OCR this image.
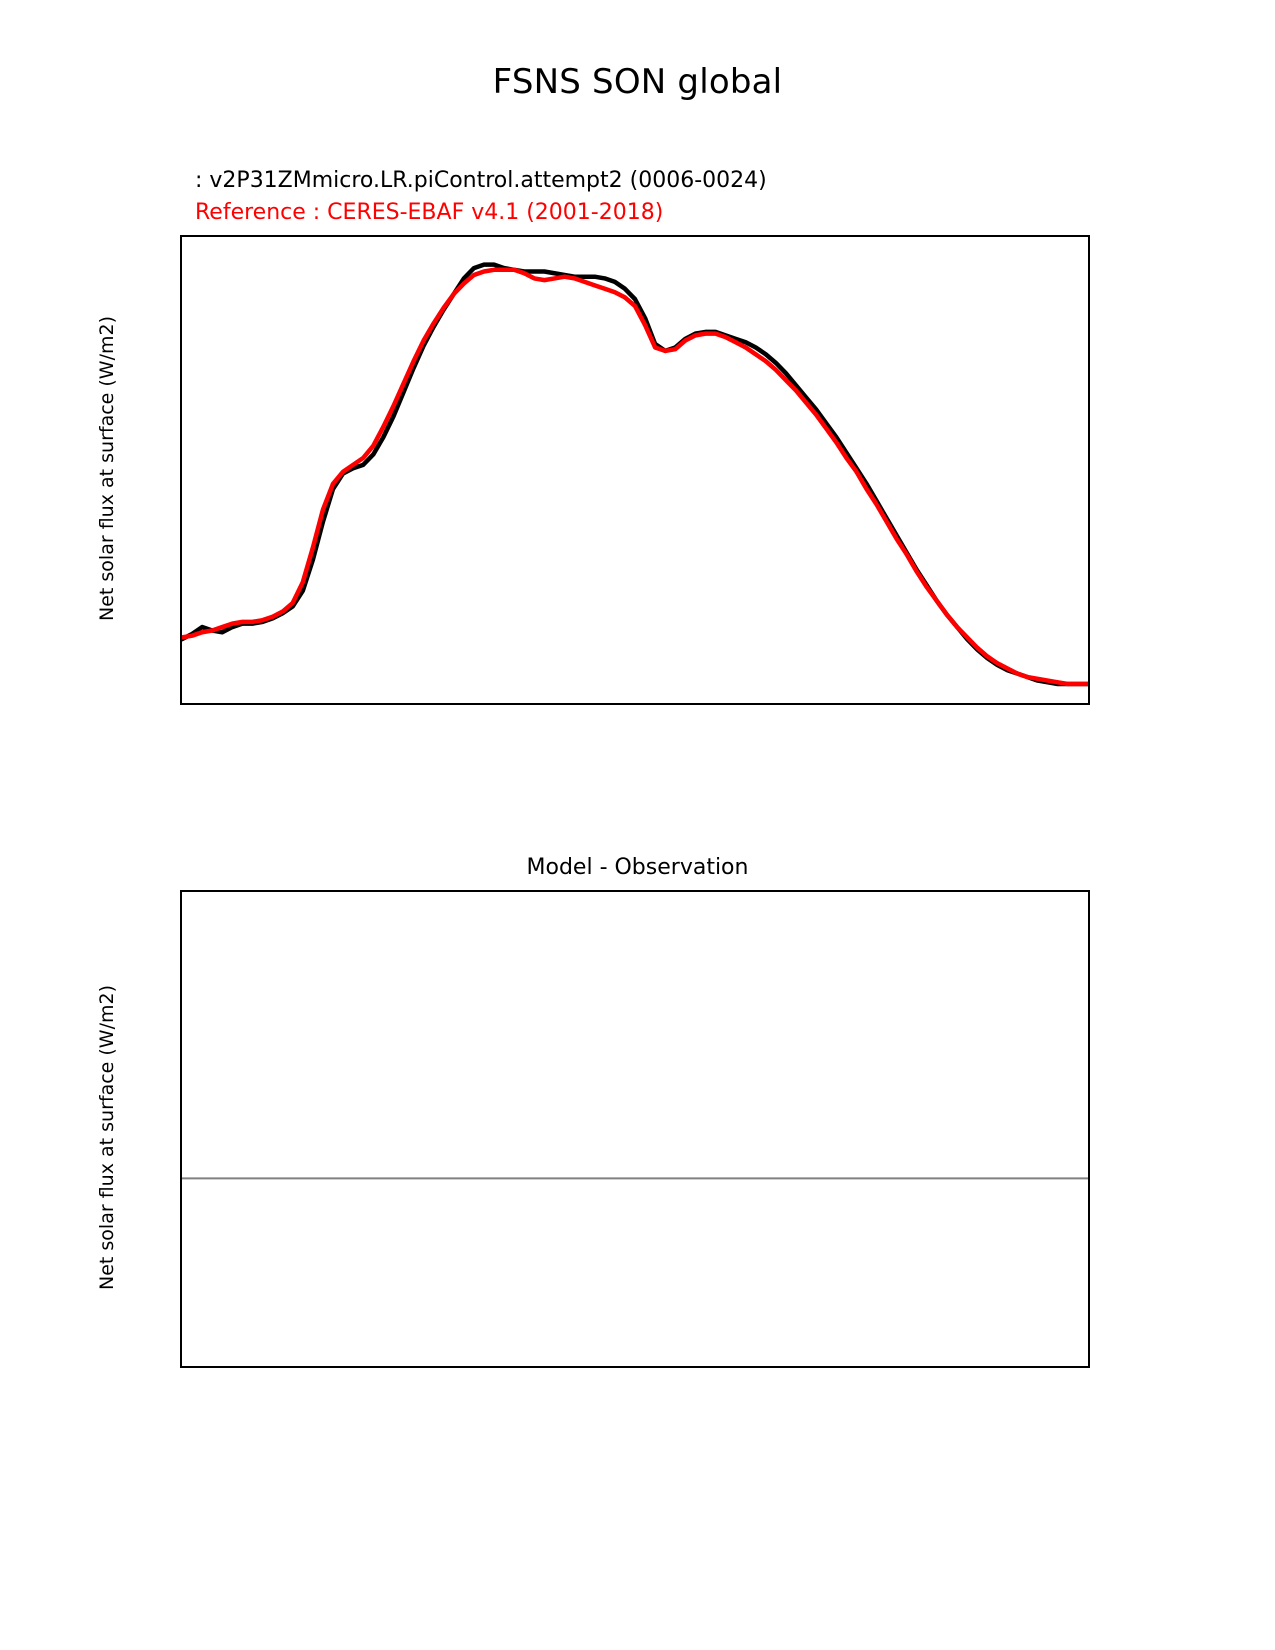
FSNS SON global
: v2P31ZMmicro.LR.piControl.attempt2 (0006-0024)
Reference : CERES-EBAF v4.1 (2001-2018)
Net solar flux at surface (W/m2)
Model - Observation
Net solar flux at surface (W/m2)
